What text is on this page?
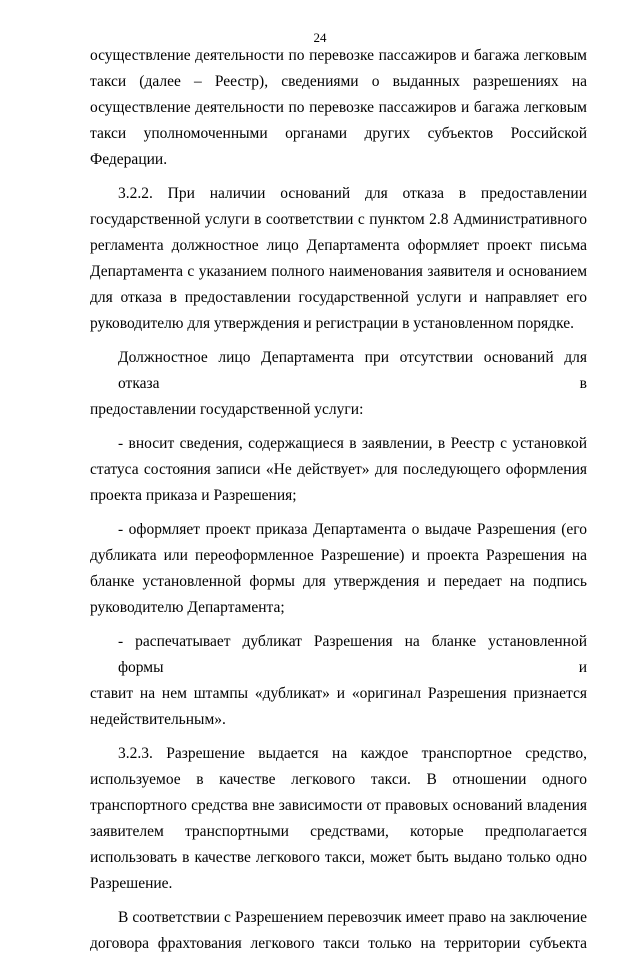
24
осуществление деятельности по перевозке пассажиров и багажа легковым
такси (далее – Реестр), сведениями о выданных разрешениях на
осуществление деятельности по перевозке пассажиров и багажа легковым
такси уполномоченными органами других субъектов Российской Федерации.
3.2.2. При наличии оснований для отказа в предоставлении
государственной услуги в соответствии с пунктом 2.8 Административного
регламента должностное лицо Департамента оформляет проект письма
Департамента с указанием полного наименования заявителя и основанием
для отказа в предоставлении государственной услуги и направляет его
руководителю для утверждения и регистрации в установленном порядке.
Должностное лицо Департамента при отсутствии оснований для отказа в
предоставлении государственной услуги:
- вносит сведения, содержащиеся в заявлении, в Реестр с установкой
статуса состояния записи «Не действует» для последующего оформления
проекта приказа и Разрешения;
- оформляет проект приказа Департамента о выдаче Разрешения (его
дубликата или переоформленное Разрешение) и проекта Разрешения на
бланке установленной формы для утверждения и передает на подпись
руководителю Департамента;
- распечатывает дубликат Разрешения на бланке установленной формы и
ставит на нем штампы «дубликат» и «оригинал Разрешения признается
недействительным».
3.2.3. Разрешение выдается на каждое транспортное средство,
используемое в качестве легкового такси. В отношении одного
транспортного средства вне зависимости от правовых оснований владения
заявителем транспортными средствами, которые предполагается
использовать в качестве легкового такси, может быть выдано только одно
Разрешение.
В соответствии с Разрешением перевозчик имеет право на заключение
договора фрахтования легкового такси только на территории субъекта
